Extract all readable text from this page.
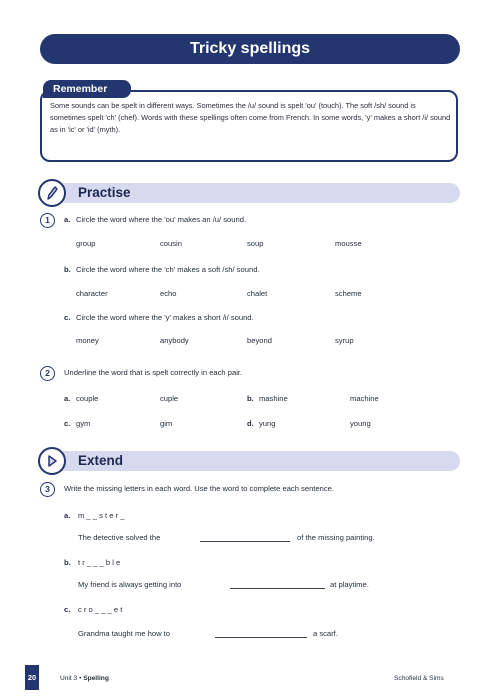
Tricky spellings
Remember
Some sounds can be spelt in different ways. Sometimes the /u/ sound is spelt 'ou' (touch). The soft /sh/ sound is sometimes spelt 'ch' (chef). Words with these spellings often come from French. In some words, 'y' makes a short /i/ sound as in 'ic' or 'id' (myth).
Practise
1	a. Circle the word where the 'ou' makes an /u/ sound.
group	cousin	soup	mousse
b. Circle the word where the 'ch' makes a soft /sh/ sound.
character	echo	chalet	scheme
c. Circle the word where the 'y' makes a short /i/ sound.
money	anybody	beyond	syrup
2	Underline the word that is spelt correctly in each pair.
a. couple	cuple	b. mashine	machine
c. gym	gim	d. yung	young
Extend
3	Write the missing letters in each word. Use the word to complete each sentence.
a. m _ _ s t e r _
The detective solved the	of the missing painting.
b. t r _ _ _ b l e
My friend is always getting into	at playtime.
c. c r o _ _ _ e t
Grandma taught me how to	a scarf.
20	Unit 3 • Spelling	Schofield & Sims
